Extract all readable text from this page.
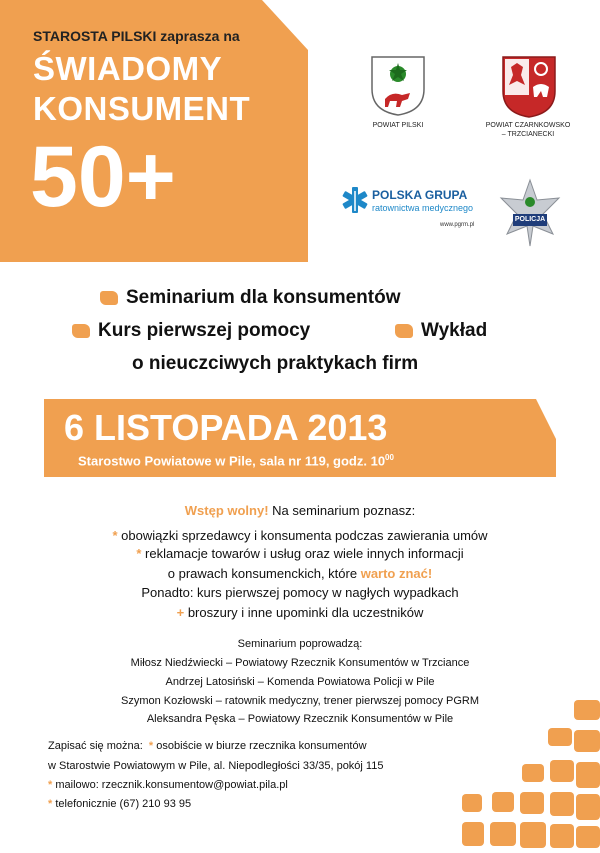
STAROSTA PILSKI zaprasza na
ŚWIADOMY
KONSUMENT
50+
POWIAT PILSKI	POWIAT CZARNKOWSKO
– TRZCIANECKI
POLSKA GRUPA
ratownictwa medycznego
www.pgrm.pl
POLICJA
Seminarium dla konsumentów
Kurs pierwszej pomocy	Wykład
o nieuczciwych praktykach firm
6 LISTOPADA 2013
Starostwo Powiatowe w Pile, sala nr 119, godz. $10^{00}$
Wstęp wolny! Na seminarium poznasz:
* obowiązki sprzedawcy i konsumenta podczas zawierania umów
* reklamacje towarów i usług oraz wiele innych informacji
o prawach konsumenckich, które warto znać!
Ponadto: kurs pierwszej pomocy w nagłych wypadkach
+ broszury i inne upominki dla uczestników
Seminarium poprowadzą:
Miłosz Niedźwiecki – Powiatowy Rzecznik Konsumentów w Trzciance
Andrzej Latosiński – Komenda Powiatowa Policji w Pile
Szymon Kozłowski – ratownik medyczny, trener pierwszej pomocy PGRM
Aleksandra Pęska – Powiatowy Rzecznik Konsumentów w Pile
Zapisać się można: * osobiście w biurze rzecznika konsumentów
w Starostwie Powiatowym w Pile, al. Niepodległości 33/35, pokój 115
* mailowo: rzecznik.konsumentow@powiat.pila.pl
* telefonicznie (67) 210 93 95
